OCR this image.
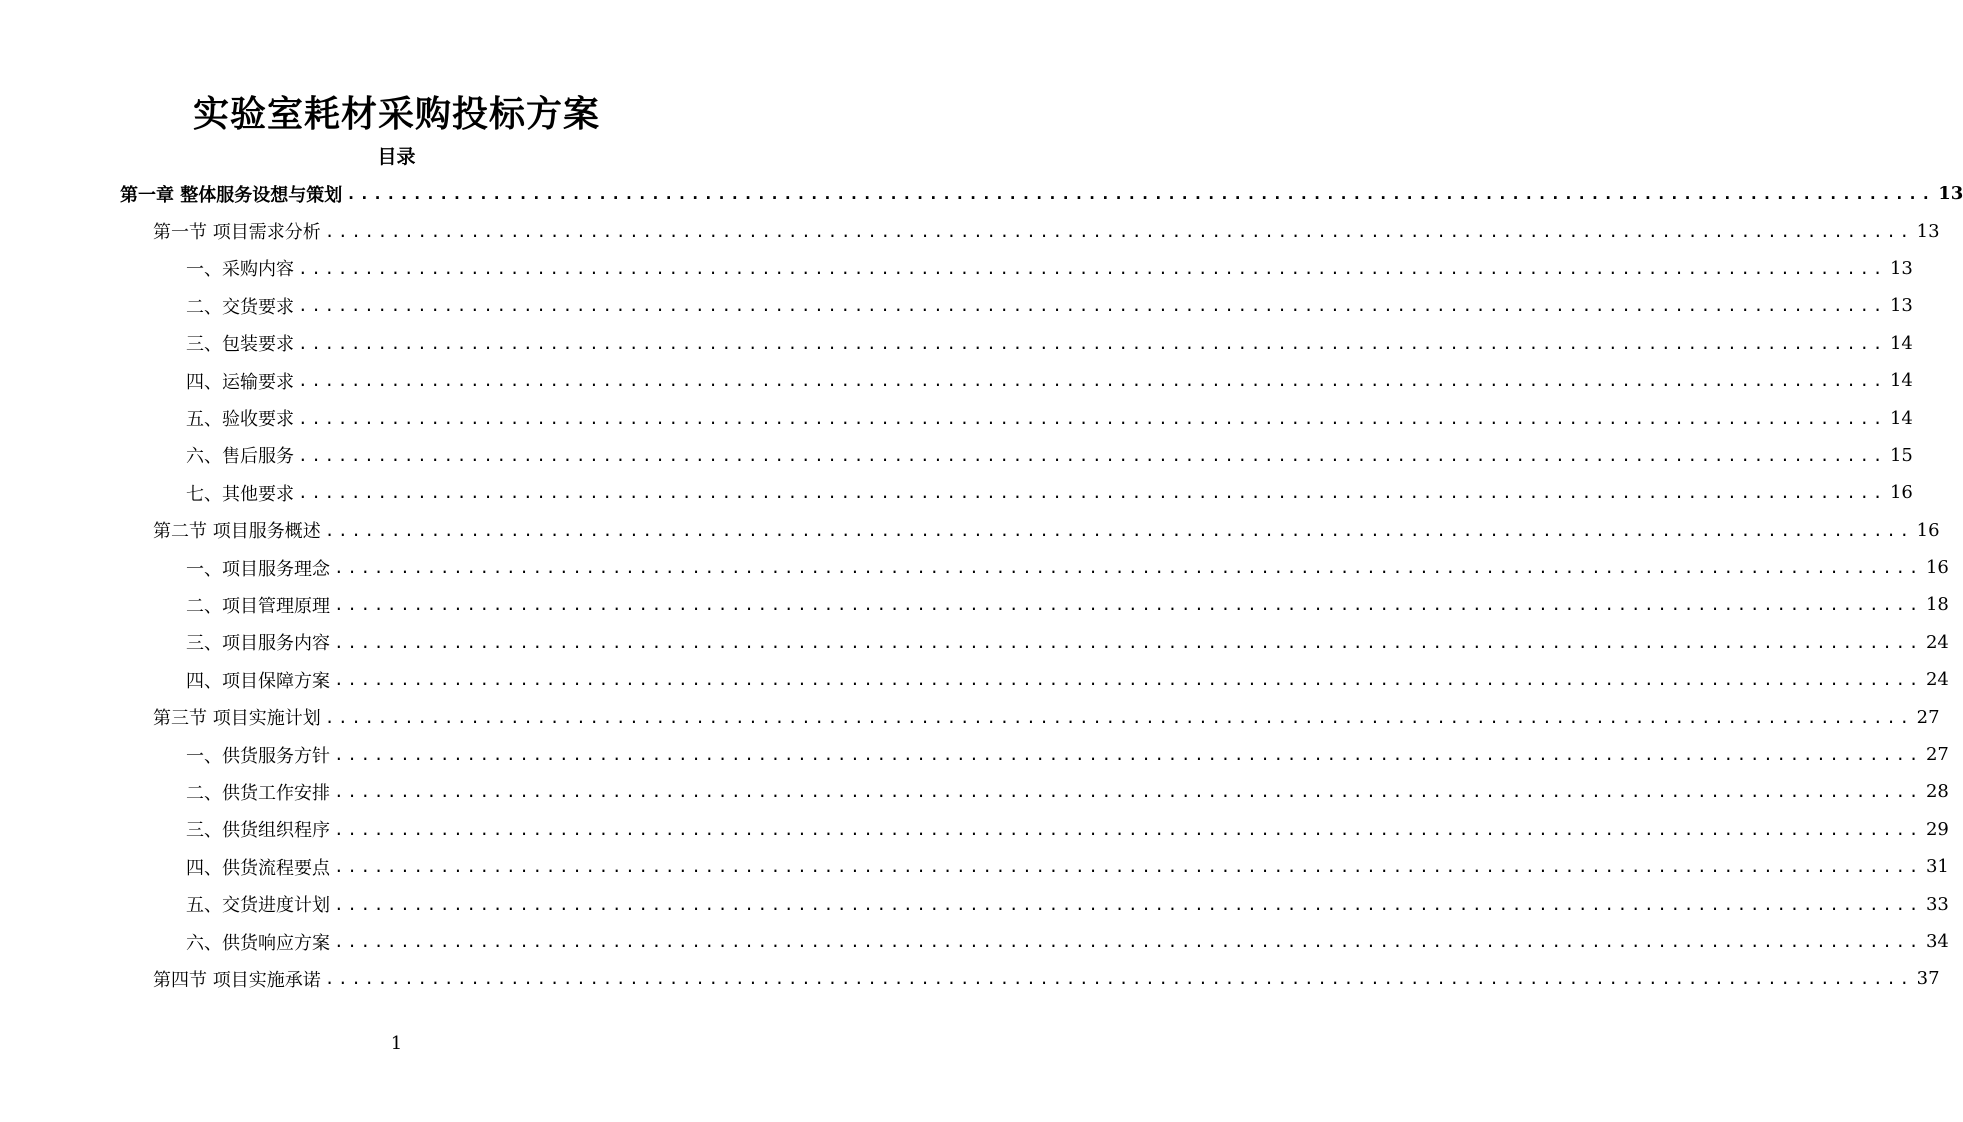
实验室耗材采购投标方案
目录
第一章 整体服务设想与策划 ........................................................................................................................ 13
第一节 项目需求分析 ........................................................................................................................ 13
一、采购内容 ........................................................................................................................ 13
二、交货要求 ........................................................................................................................ 13
三、包装要求 ........................................................................................................................ 14
四、运输要求 ........................................................................................................................ 14
五、验收要求 ........................................................................................................................ 14
六、售后服务 ........................................................................................................................ 15
七、其他要求 ........................................................................................................................ 16
第二节 项目服务概述 ........................................................................................................................ 16
一、项目服务理念 ........................................................................................................................ 16
二、项目管理原理 ........................................................................................................................ 18
三、项目服务内容 ........................................................................................................................ 24
四、项目保障方案 ........................................................................................................................ 24
第三节 项目实施计划 ........................................................................................................................ 27
一、供货服务方针 ........................................................................................................................ 27
二、供货工作安排 ........................................................................................................................ 28
三、供货组织程序 ........................................................................................................................ 29
四、供货流程要点 ........................................................................................................................ 31
五、交货进度计划 ........................................................................................................................ 33
六、供货响应方案 ........................................................................................................................ 34
第四节 项目实施承诺 ........................................................................................................................ 37
1
